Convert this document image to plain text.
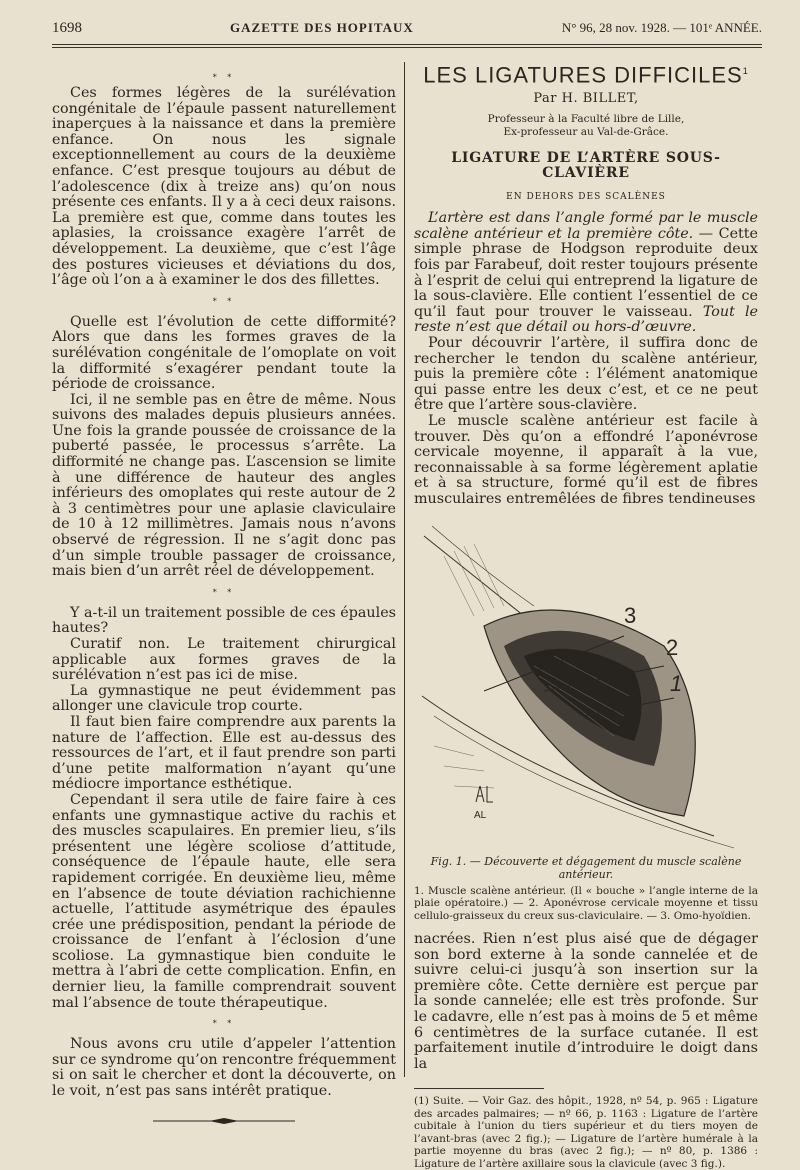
1698	GAZETTE DES HOPITAUX	N° 96, 28 nov. 1928. — 101ᵉ ANNÉE.
* *

Ces formes légères de la surélévation congénitale de l’épaule passent naturellement inaperçues à la naissance et dans la première enfance. On nous les signale exceptionnellement au cours de la deuxième enfance. C’est presque toujours au début de l’adolescence (dix à treize ans) qu’on nous présente ces enfants. Il y a à ceci deux raisons. La première est que, comme dans toutes les aplasies, la croissance exagère l’arrêt de développement. La deuxième, que c’est l’âge des postures vicieuses et déviations du dos, l’âge où l’on a à examiner le dos des fillettes.

* *

Quelle est l’évolution de cette difformité? Alors que dans les formes graves de la surélévation congénitale de l’omoplate on voit la difformité s’exagérer pendant toute la période de croissance.

Ici, il ne semble pas en être de même. Nous suivons des malades depuis plusieurs années. Une fois la grande poussée de croissance de la puberté passée, le processus s’arrête. La difformité ne change pas. L’ascension se limite à une différence de hauteur des angles inférieurs des omoplates qui reste autour de 2 à 3 centimètres pour une aplasie claviculaire de 10 à 12 millimètres. Jamais nous n’avons observé de régression. Il ne s’agit donc pas d’un simple trouble passager de croissance, mais bien d’un arrêt réel de développement.

* *

Y a-t-il un traitement possible de ces épaules hautes?

Curatif non. Le traitement chirurgical applicable aux formes graves de la surélévation n’est pas ici de mise.

La gymnastique ne peut évidemment pas allonger une clavicule trop courte.

Il faut bien faire comprendre aux parents la nature de l’affection. Elle est au-dessus des ressources de l’art, et il faut prendre son parti d’une petite malformation n’ayant qu’une médiocre importance esthétique.

Cependant il sera utile de faire faire à ces enfants une gymnastique active du rachis et des muscles scapulaires. En premier lieu, s’ils présentent une légère scoliose d’attitude, conséquence de l’épaule haute, elle sera rapidement corrigée. En deuxième lieu, même en l’absence de toute déviation rachichienne actuelle, l’attitude asymétrique des épaules crée une prédisposition, pendant la période de croissance de l’enfant à l’éclosion d’une scoliose. La gymnastique bien conduite le mettra à l’abri de cette complication. Enfin, en dernier lieu, la famille comprendrait souvent mal l’absence de toute thérapeutique.

* *

Nous avons cru utile d’appeler l’attention sur ce syndrome qu’on rencontre fréquemment si on sait le chercher et dont la découverte, on le voit, n’est pas sans intérêt pratique.

LES LIGATURES DIFFICILES$^1$
Par H. BILLET,
Professeur à la Faculté libre de Lille,
Ex-professeur au Val-de-Grâce.
LIGATURE DE L’ARTÈRE SOUS-CLAVIÈRE
EN DEHORS DES SCALÈNES

L’artère est dans l’angle formé par le muscle scalène antérieur et la première côte. — Cette simple phrase de Hodgson reproduite deux fois par Farabeuf, doit rester toujours présente à l’esprit de celui qui entreprend la ligature de la sous-clavière. Elle contient l’essentiel de ce qu’il faut pour trouver le vaisseau. Tout le reste n’est que détail ou hors-d’œuvre.

Pour découvrir l’artère, il suffira donc de rechercher le tendon du scalène antérieur, puis la première côte : l’élément anatomique qui passe entre les deux c’est, et ce ne peut être que l’artère sous-clavière.

Le muscle scalène antérieur est facile à trouver. Dès qu’on a effondré l’aponévrose cervicale moyenne, il apparaît à la vue, reconnaissable à sa forme légèrement aplatie et à sa structure, formé qu’il est de fibres musculaires entremêlées de fibres tendineuses

3
2
1
AL
Fig. 1. — Découverte et dégagement du muscle scalène antérieur.
1. Muscle scalène antérieur. (Il « bouche » l’angle interne de la plaie opératoire.) — 2. Aponévrose cervicale moyenne et tissu cellulo-graisseux du creux sus-claviculaire. — 3. Omo-hyoïdien.

nacrées. Rien n’est plus aisé que de dégager son bord externe à la sonde cannelée et de suivre celui-ci jusqu’à son insertion sur la première côte. Cette dernière est perçue par la sonde cannelée; elle est très profonde. Sur le cadavre, elle n’est pas à moins de 5 et même 6 centimètres de la surface cutanée. Il est parfaitement inutile d’introduire le doigt dans la

(1) Suite. — Voir Gaz. des hôpit., 1928, nº 54, p. 965 : Ligature des arcades palmaires; — nº 66, p. 1163 : Ligature de l’artère cubitale à l’union du tiers supérieur et du tiers moyen de l’avant-bras (avec 2 fig.); — Ligature de l’artère humérale à la partie moyenne du bras (avec 2 fig.); — nº 80, p. 1386 : Ligature de l’artère axillaire sous la clavicule (avec 3 fig.).
